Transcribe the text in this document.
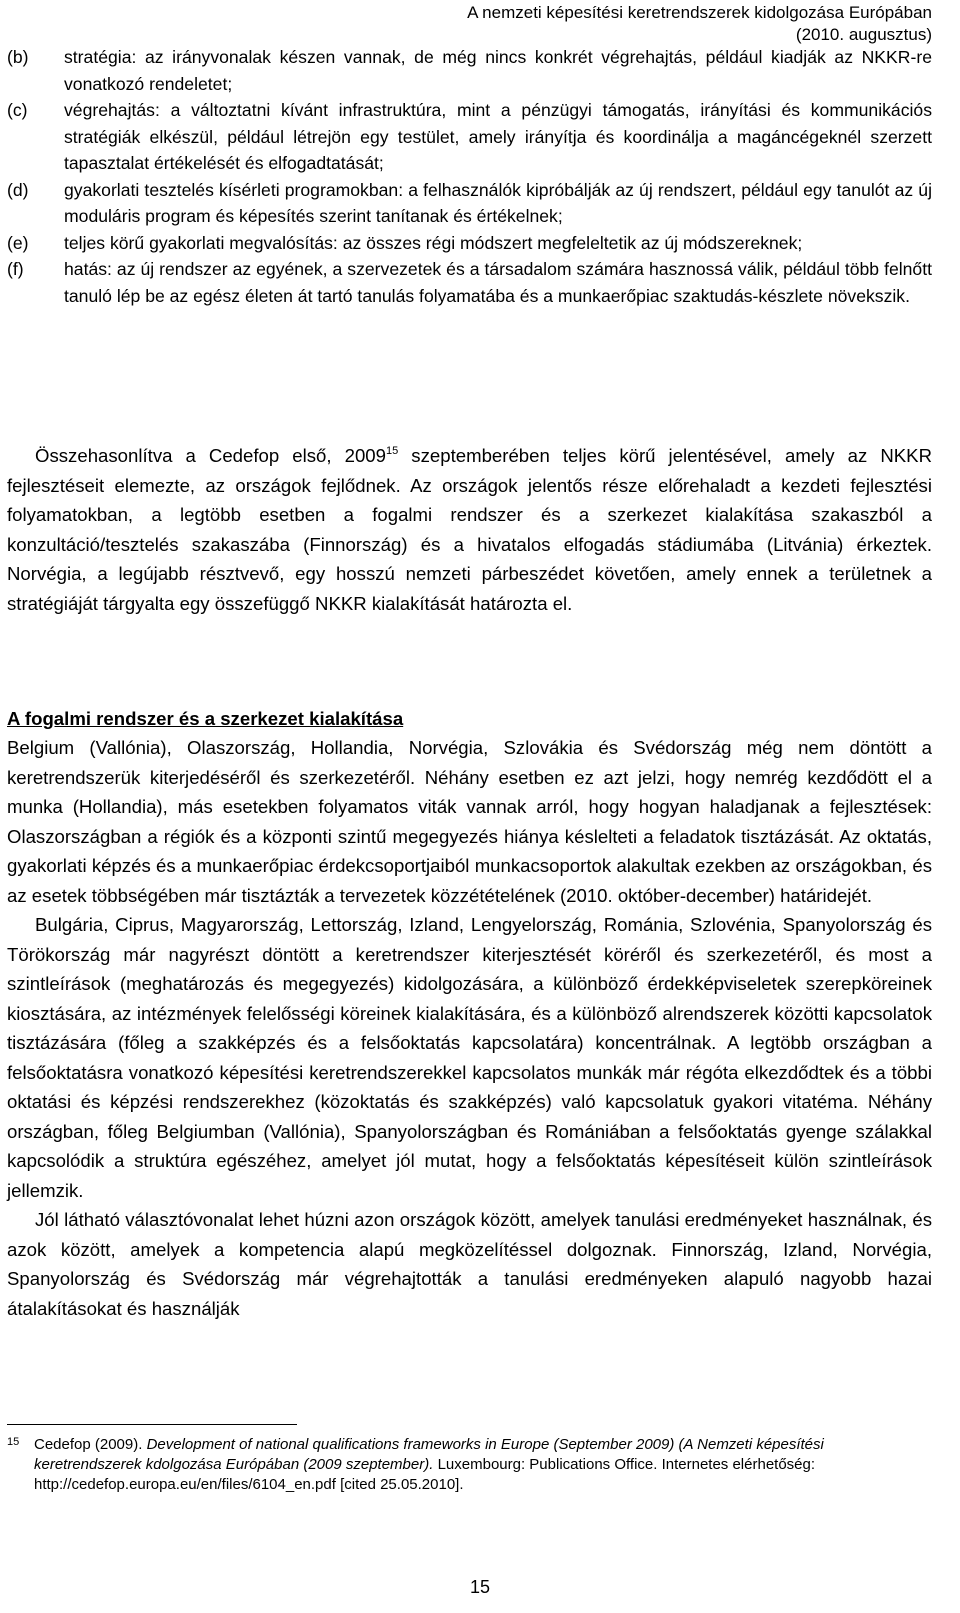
A nemzeti képesítési keretrendszerek kidolgozása Európában
(2010. augusztus)
(b)	stratégia: az irányvonalak készen vannak, de még nincs konkrét végrehajtás, például kiadják az NKKR-re vonatkozó rendeletet;
(c)	végrehajtás: a változtatni kívánt infrastruktúra, mint a pénzügyi támogatás, irányítási és kommunikációs stratégiák elkészül, például létrejön egy testület, amely irányítja és koordinálja a magáncégeknél szerzett tapasztalat értékelését és elfogadtatását;
(d)	gyakorlati tesztelés kísérleti programokban: a felhasználók kipróbálják az új rendszert, például egy tanulót az új moduláris program és képesítés szerint tanítanak és értékelnek;
(e)	teljes körű gyakorlati megvalósítás: az összes régi módszert megfeleltetik az új módszereknek;
(f)	hatás: az új rendszer az egyének, a szervezetek és a társadalom számára hasznossá válik, például több felnőtt tanuló lép be az egész életen át tartó tanulás folyamatába és a munkaerőpiac szaktudás-készlete növekszik.

Összehasonlítva a Cedefop első, 2009$^{15}$ szeptemberében teljes körű jelentésével, amely az NKKR fejlesztéseit elemezte, az országok fejlődnek. Az országok jelentős része előrehaladt a kezdeti fejlesztési folyamatokban, a legtöbb esetben a fogalmi rendszer és a szerkezet kialakítása szakaszból a konzultáció/tesztelés szakaszába (Finnország) és a hivatalos elfogadás stádiumába (Litvánia) érkeztek. Norvégia, a legújabb résztvevő, egy hosszú nemzeti párbeszédet követően, amely ennek a területnek a stratégiáját tárgyalta egy összefüggő NKKR kialakítását határozta el.

A fogalmi rendszer és a szerkezet kialakítása

Belgium (Vallónia), Olaszország, Hollandia, Norvégia, Szlovákia és Svédország még nem döntött a keretrendszerük kiterjedéséről és szerkezetéről. Néhány esetben ez azt jelzi, hogy nemrég kezdődött el a munka (Hollandia), más esetekben folyamatos viták vannak arról, hogy hogyan haladjanak a fejlesztések: Olaszországban a régiók és a központi szintű megegyezés hiánya késlelteti a feladatok tisztázását. Az oktatás, gyakorlati képzés és a munkaerőpiac érdekcsoportjaiból munkacsoportok alakultak ezekben az országokban, és az esetek többségében már tisztázták a tervezetek közzétételének (2010. október-december) határidejét.

Bulgária, Ciprus, Magyarország, Lettország, Izland, Lengyelország, Románia, Szlovénia, Spanyolország és Törökország már nagyrészt döntött a keretrendszer kiterjesztését köréről és szerkezetéről, és most a szintleírások (meghatározás és megegyezés) kidolgozására, a különböző érdekképviseletek szerepköreinek kiosztására, az intézmények felelősségi köreinek kialakítására, és a különböző alrendszerek közötti kapcsolatok tisztázására (főleg a szakképzés és a felsőoktatás kapcsolatára) koncentrálnak. A legtöbb országban a felsőoktatásra vonatkozó képesítési keretrendszerekkel kapcsolatos munkák már régóta elkezdődtek és a többi oktatási és képzési rendszerekhez (közoktatás és szakképzés) való kapcsolatuk gyakori vitatéma. Néhány országban, főleg Belgiumban (Vallónia), Spanyolországban és Romániában a felsőoktatás gyenge szálakkal kapcsolódik a struktúra egészéhez, amelyet jól mutat, hogy a felsőoktatás képesítéseit külön szintleírások jellemzik.

Jól látható választóvonalat lehet húzni azon országok között, amelyek tanulási eredményeket használnak, és azok között, amelyek a kompetencia alapú megközelítéssel dolgoznak. Finnország, Izland, Norvégia, Spanyolország és Svédország már végrehajtották a tanulási eredményeken alapuló nagyobb hazai átalakításokat és használják

15 Cedefop (2009). Development of national qualifications frameworks in Europe (September 2009) (A Nemzeti képesítési keretrendszerek kdolgozása Európában (2009 szeptember). Luxembourg: Publications Office. Internetes elérhetőség: http://cedefop.europa.eu/en/files/6104_en.pdf [cited 25.05.2010].
15
